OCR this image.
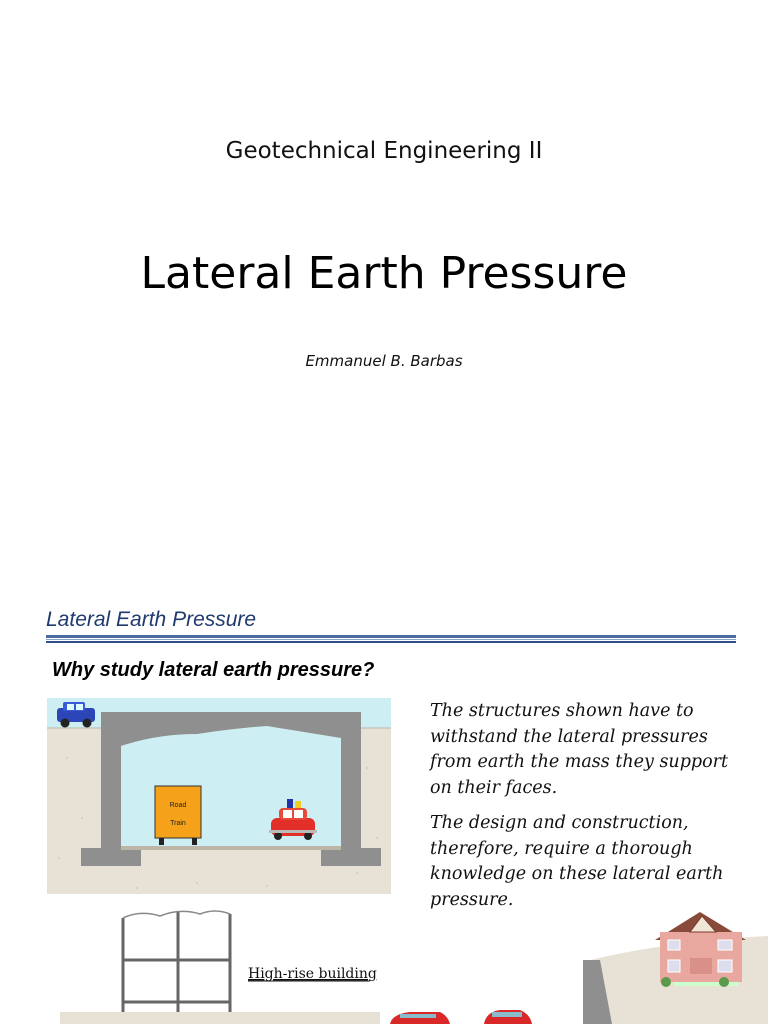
Geotechnical Engineering II
Lateral Earth Pressure
Emmanuel B. Barbas
Lateral Earth Pressure
Why study lateral earth pressure?

The structures shown have to withstand the lateral pressures from earth the mass they support on their faces.

The design and construction, therefore, require a thorough knowledge on these lateral earth pressure.

Road
Train
High-rise building
